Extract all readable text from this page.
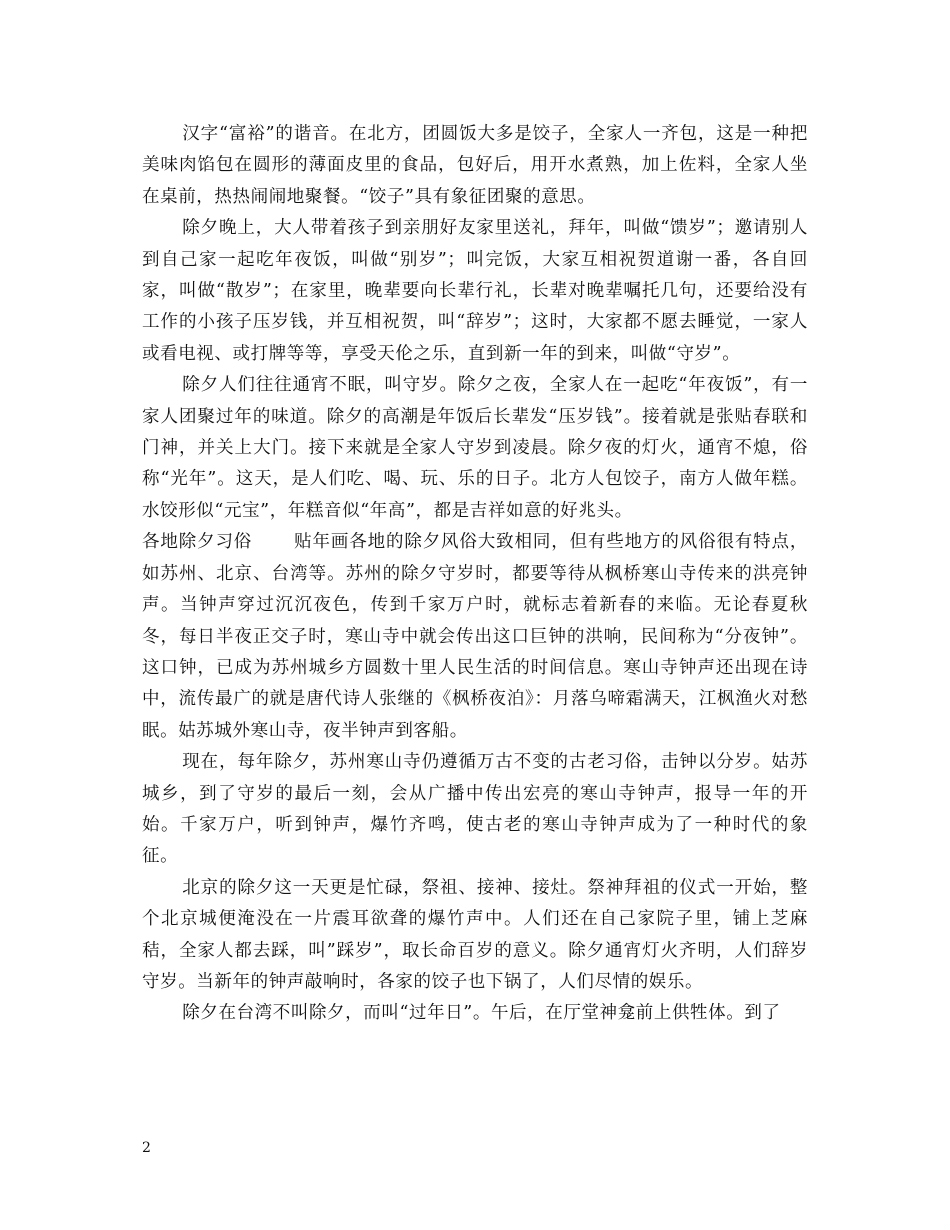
汉字“富裕”的谐音。在北方，团圆饭大多是饺子，全家人一齐包，这是一种把美味肉馅包在圆形的薄面皮里的食品，包好后，用开水煮熟，加上佐料，全家人坐在桌前，热热闹闹地聚餐。“饺子”具有象征团聚的意思。

除夕晚上，大人带着孩子到亲朋好友家里送礼，拜年，叫做“馈岁”；邀请别人到自己家一起吃年夜饭，叫做“别岁”；叫完饭，大家互相祝贺道谢一番，各自回家，叫做“散岁”；在家里，晚辈要向长辈行礼，长辈对晚辈嘱托几句，还要给没有工作的小孩子压岁钱，并互相祝贺，叫“辞岁”；这时，大家都不愿去睡觉，一家人或看电视、或打牌等等，享受天伦之乐，直到新一年的到来，叫做“守岁”。

除夕人们往往通宵不眠，叫守岁。除夕之夜，全家人在一起吃“年夜饭”，有一家人团聚过年的味道。除夕的高潮是年饭后长辈发“压岁钱”。接着就是张贴春联和门神，并关上大门。接下来就是全家人守岁到凌晨。除夕夜的灯火，通宵不熄，俗称“光年”。这天，是人们吃、喝、玩、乐的日子。北方人包饺子，南方人做年糕。水饺形似“元宝”，年糕音似“年高”，都是吉祥如意的好兆头。

各地除夕习俗 贴年画各地的除夕风俗大致相同，但有些地方的风俗很有特点，如苏州、北京、台湾等。苏州的除夕守岁时，都要等待从枫桥寒山寺传来的洪亮钟声。当钟声穿过沉沉夜色，传到千家万户时，就标志着新春的来临。无论春夏秋冬，每日半夜正交子时，寒山寺中就会传出这口巨钟的洪响，民间称为“分夜钟”。这口钟，已成为苏州城乡方圆数十里人民生活的时间信息。寒山寺钟声还出现在诗中，流传最广的就是唐代诗人张继的《枫桥夜泊》：月落乌啼霜满天，江枫渔火对愁眠。姑苏城外寒山寺，夜半钟声到客船。

现在，每年除夕，苏州寒山寺仍遵循万古不变的古老习俗，击钟以分岁。姑苏城乡，到了守岁的最后一刻，会从广播中传出宏亮的寒山寺钟声，报导一年的开始。千家万户，听到钟声，爆竹齐鸣，使古老的寒山寺钟声成为了一种时代的象征。

北京的除夕这一天更是忙碌，祭祖、接神、接灶。祭神拜祖的仪式一开始，整个北京城便淹没在一片震耳欲聋的爆竹声中。人们还在自己家院子里，铺上芝麻秸，全家人都去踩，叫”踩岁”，取长命百岁的意义。除夕通宵灯火齐明，人们辞岁守岁。当新年的钟声敲响时，各家的饺子也下锅了，人们尽情的娱乐。

除夕在台湾不叫除夕，而叫“过年日”。午后，在厅堂神龛前上供牲体。到了

2
